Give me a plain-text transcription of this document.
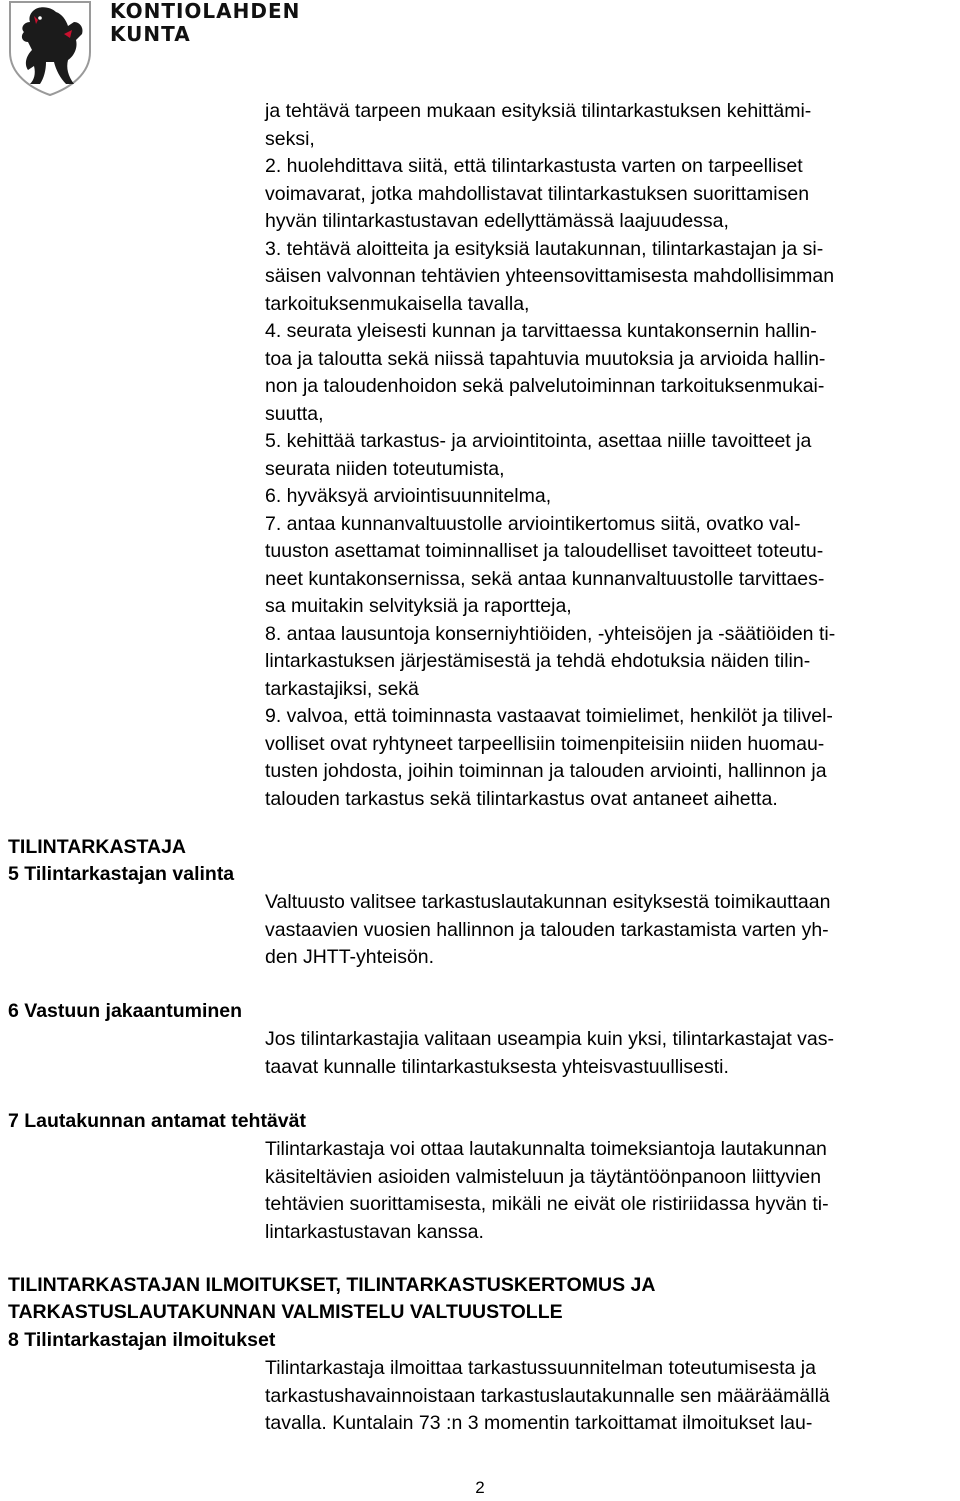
KONTIOLAHDEN
KUNTA
ja tehtävä tarpeen mukaan esityksiä tilintarkastuksen kehittämi-
seksi,
2. huolehdittava siitä, että tilintarkastusta varten on tarpeelliset
voimavarat, jotka mahdollistavat tilintarkastuksen suorittamisen
hyvän tilintarkastustavan edellyttämässä laajuudessa,
3. tehtävä aloitteita ja esityksiä lautakunnan, tilintarkastajan ja si-
säisen valvonnan tehtävien yhteensovittamisesta mahdollisimman
tarkoituksenmukaisella tavalla,
4. seurata yleisesti kunnan ja tarvittaessa kuntakonsernin hallin-
toa ja taloutta sekä niissä tapahtuvia muutoksia ja arvioida hallin-
non ja taloudenhoidon sekä palvelutoiminnan tarkoituksenmukai-
suutta,
5. kehittää tarkastus- ja arviointitointa, asettaa niille tavoitteet ja
seurata niiden toteutumista,
6. hyväksyä arviointisuunnitelma,
7. antaa kunnanvaltuustolle arviointikertomus siitä, ovatko val-
tuuston asettamat toiminnalliset ja taloudelliset tavoitteet toteutu-
neet kuntakonsernissa, sekä antaa kunnanvaltuustolle tarvittaes-
sa muitakin selvityksiä ja raportteja,
8. antaa lausuntoja konserniyhtiöiden, -yhteisöjen ja -säätiöiden ti-
lintarkastuksen järjestämisestä ja tehdä ehdotuksia näiden tilin-
tarkastajiksi, sekä
9. valvoa, että toiminnasta vastaavat toimielimet, henkilöt ja tilivel-
volliset ovat ryhtyneet tarpeellisiin toimenpiteisiin niiden huomau-
tusten johdosta, joihin toiminnan ja talouden arviointi, hallinnon ja
talouden tarkastus sekä tilintarkastus ovat antaneet aihetta.
TILINTARKASTAJA
5 Tilintarkastajan valinta
Valtuusto valitsee tarkastuslautakunnan esityksestä toimikauttaan
vastaavien vuosien hallinnon ja talouden tarkastamista varten yh-
den JHTT-yhteisön.
6 Vastuun jakaantuminen
Jos tilintarkastajia valitaan useampia kuin yksi, tilintarkastajat vas-
taavat kunnalle tilintarkastuksesta yhteisvastuullisesti.
7 Lautakunnan antamat tehtävät
Tilintarkastaja voi ottaa lautakunnalta toimeksiantoja lautakunnan
käsiteltävien asioiden valmisteluun ja täytäntöönpanoon liittyvien
tehtävien suorittamisesta, mikäli ne eivät ole ristiriidassa hyvän ti-
lintarkastustavan kanssa.
TILINTARKASTAJAN ILMOITUKSET, TILINTARKASTUSKERTOMUS JA
TARKASTUSLAUTAKUNNAN VALMISTELU VALTUUSTOLLE
8 Tilintarkastajan ilmoitukset
Tilintarkastaja ilmoittaa tarkastussuunnitelman toteutumisesta ja
tarkastushavainnoistaan tarkastuslautakunnalle sen määräämällä
tavalla. Kuntalain 73 :n 3 momentin tarkoittamat ilmoitukset lau-
2
